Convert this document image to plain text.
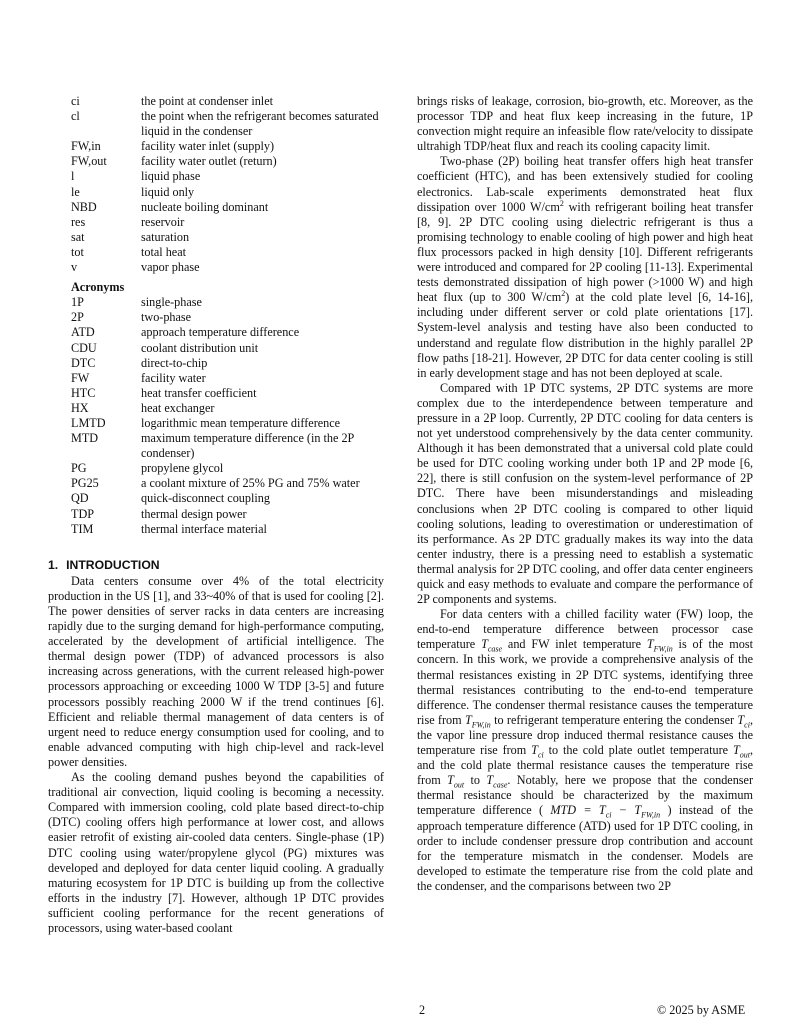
ci	the point at condenser inlet
cl	the point when the refrigerant becomes saturated liquid in the condenser
FW,in	facility water inlet (supply)
FW,out	facility water outlet (return)
l	liquid phase
le	liquid only
NBD	nucleate boiling dominant
res	reservoir
sat	saturation
tot	total heat
v	vapor phase
Acronyms
1P	single-phase
2P	two-phase
ATD	approach temperature difference
CDU	coolant distribution unit
DTC	direct-to-chip
FW	facility water
HTC	heat transfer coefficient
HX	heat exchanger
LMTD	logarithmic mean temperature difference
MTD	maximum temperature difference (in the 2P condenser)
PG	propylene glycol
PG25	a coolant mixture of 25% PG and 75% water
QD	quick-disconnect coupling
TDP	thermal design power
TIM	thermal interface material
1. INTRODUCTION

Data centers consume over 4% of the total electricity production in the US [1], and 33~40% of that is used for cooling [2]. The power densities of server racks in data centers are increasing rapidly due to the surging demand for high-performance computing, accelerated by the development of artificial intelligence. The thermal design power (TDP) of advanced processors is also increasing across generations, with the current released high-power processors approaching or exceeding 1000 W TDP [3-5] and future processors possibly reaching 2000 W if the trend continues [6]. Efficient and reliable thermal management of data centers is of urgent need to reduce energy consumption used for cooling, and to enable advanced computing with high chip-level and rack-level power densities.

As the cooling demand pushes beyond the capabilities of traditional air convection, liquid cooling is becoming a necessity. Compared with immersion cooling, cold plate based direct-to-chip (DTC) cooling offers high performance at lower cost, and allows easier retrofit of existing air-cooled data centers. Single-phase (1P) DTC cooling using water/propylene glycol (PG) mixtures was developed and deployed for data center liquid cooling. A gradually maturing ecosystem for 1P DTC is building up from the collective efforts in the industry [7]. However, although 1P DTC provides sufficient cooling performance for the recent generations of processors, using water-based coolant

brings risks of leakage, corrosion, bio-growth, etc. Moreover, as the processor TDP and heat flux keep increasing in the future, 1P convection might require an infeasible flow rate/velocity to dissipate ultrahigh TDP/heat flux and reach its cooling capacity limit.

Two-phase (2P) boiling heat transfer offers high heat transfer coefficient (HTC), and has been extensively studied for cooling electronics. Lab-scale experiments demonstrated heat flux dissipation over 1000 $W/cm^2$ with refrigerant boiling heat transfer [8, 9]. 2P DTC cooling using dielectric refrigerant is thus a promising technology to enable cooling of high power and high heat flux processors packed in high density [10]. Different refrigerants were introduced and compared for 2P cooling [11-13]. Experimental tests demonstrated dissipation of high power (>1000 W) and high heat flux (up to 300 $W/cm^2$) at the cold plate level [6, 14-16], including under different server or cold plate orientations [17]. System-level analysis and testing have also been conducted to understand and regulate flow distribution in the highly parallel 2P flow paths [18-21]. However, 2P DTC for data center cooling is still in early development stage and has not been deployed at scale.

Compared with 1P DTC systems, 2P DTC systems are more complex due to the interdependence between temperature and pressure in a 2P loop. Currently, 2P DTC cooling for data centers is not yet understood comprehensively by the data center community. Although it has been demonstrated that a universal cold plate could be used for DTC cooling working under both 1P and 2P mode [6, 22], there is still confusion on the system-level performance of 2P DTC. There have been misunderstandings and misleading conclusions when 2P DTC cooling is compared to other liquid cooling solutions, leading to overestimation or underestimation of its performance. As 2P DTC gradually makes its way into the data center industry, there is a pressing need to establish a systematic thermal analysis for 2P DTC cooling, and offer data center engineers quick and easy methods to evaluate and compare the performance of 2P components and systems.

For data centers with a chilled facility water (FW) loop, the end-to-end temperature difference between processor case temperature $T_{case}$ and FW inlet temperature $T_{FW,in}$ is of the most concern. In this work, we provide a comprehensive analysis of the thermal resistances existing in 2P DTC systems, identifying three thermal resistances contributing to the end-to-end temperature difference. The condenser thermal resistance causes the temperature rise from $T_{FW,in}$ to refrigerant temperature entering the condenser $T_{ci}$, the vapor line pressure drop induced thermal resistance causes the temperature rise from $T_{ci}$ to the cold plate outlet temperature $T_{out}$, and the cold plate thermal resistance causes the temperature rise from $T_{out}$ to $T_{case}$. Notably, here we propose that the condenser thermal resistance should be characterized by the maximum temperature difference ( MTD = $T_{ci} - T_{FW,in}$ ) instead of the approach temperature difference (ATD) used for 1P DTC cooling, in order to include condenser pressure drop contribution and account for the temperature mismatch in the condenser. Models are developed to estimate the temperature rise from the cold plate and the condenser, and the comparisons between two 2P

2	© 2025 by ASME
